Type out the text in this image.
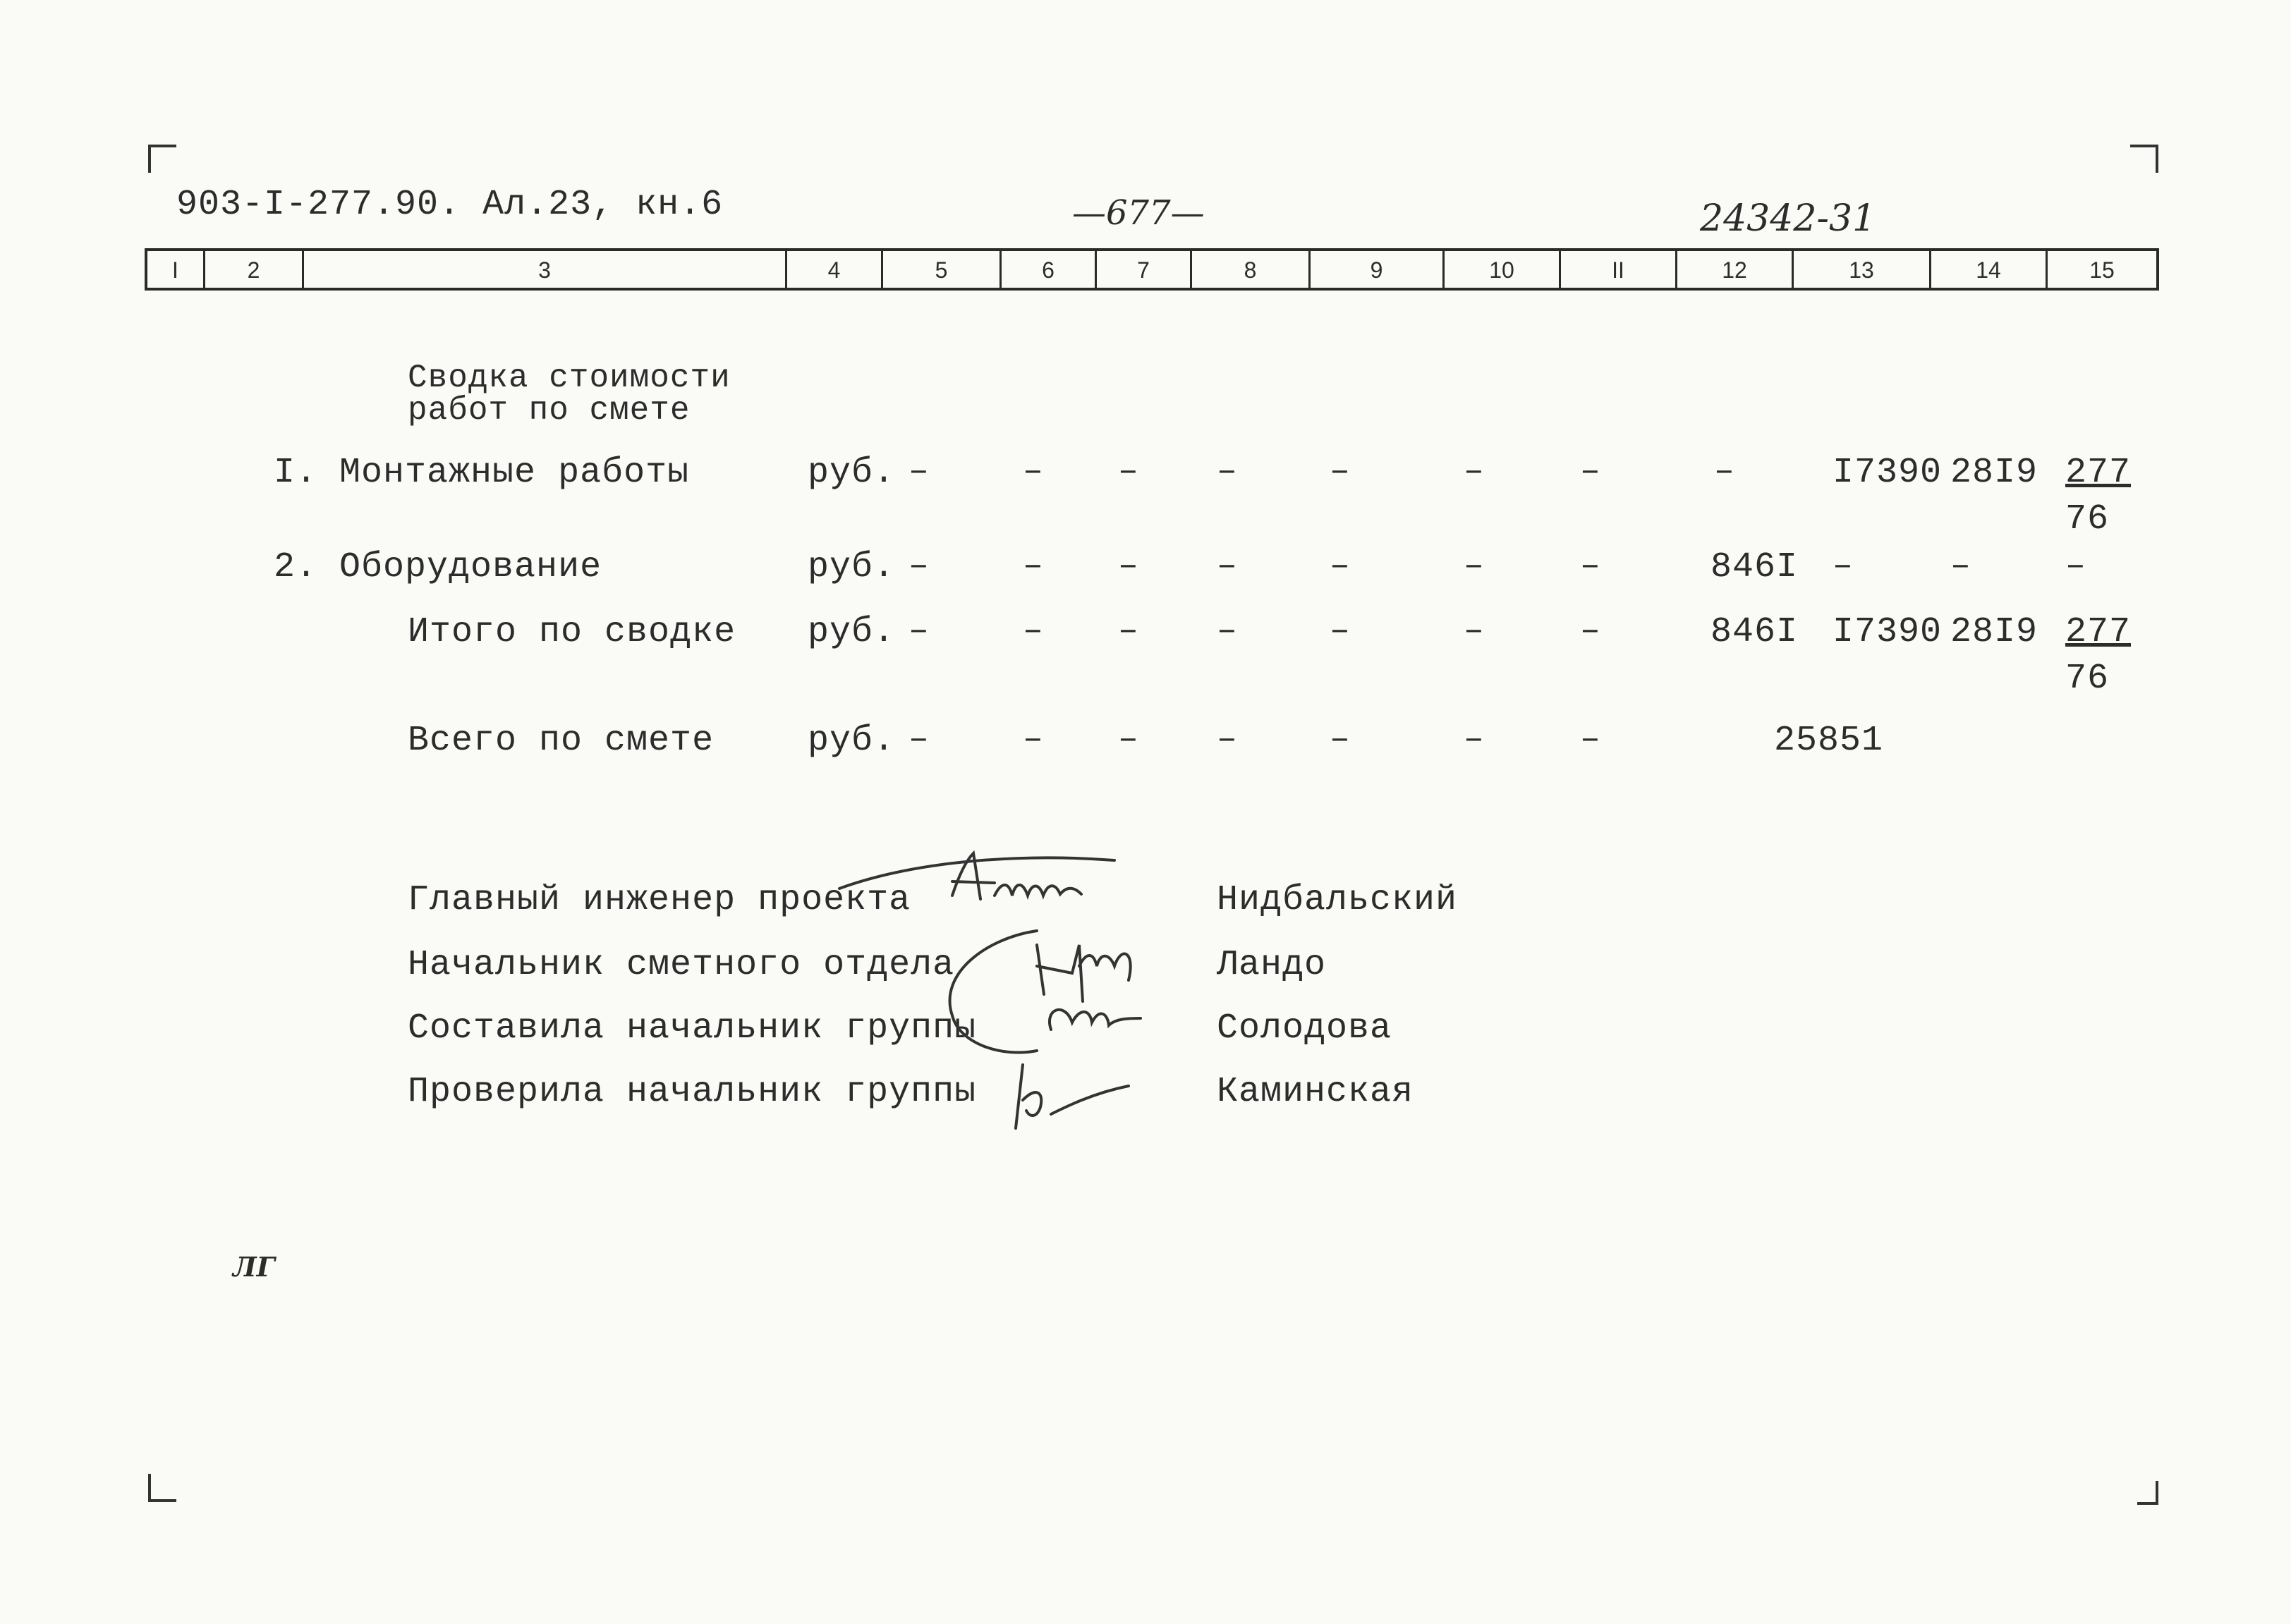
903-I-277.90. Ал.23, кн.6	—677—	24342-31
I	2	3	4	5	6	7	8	9	10	II	12	13	14	15
Сводка стоимости
работ по смете
I. Монтажные работы	руб. –	– – –	–	–	–	–	I7390 28I9 277
76
2. Оборудование	руб. –	– – –	–	–	–	846I –	–	–
Итого по сводке руб. –	– – –	–	–	–	846I I7390 28I9 277
76
Всего по смете	руб. –	– – –	–	–	–	25851
Главный инженер проекта	Нидбальский
Начальник сметного отдела	Ландо
Составила начальник группы	Солодова
Проверила начальник группы	Каминская
ЛГ
